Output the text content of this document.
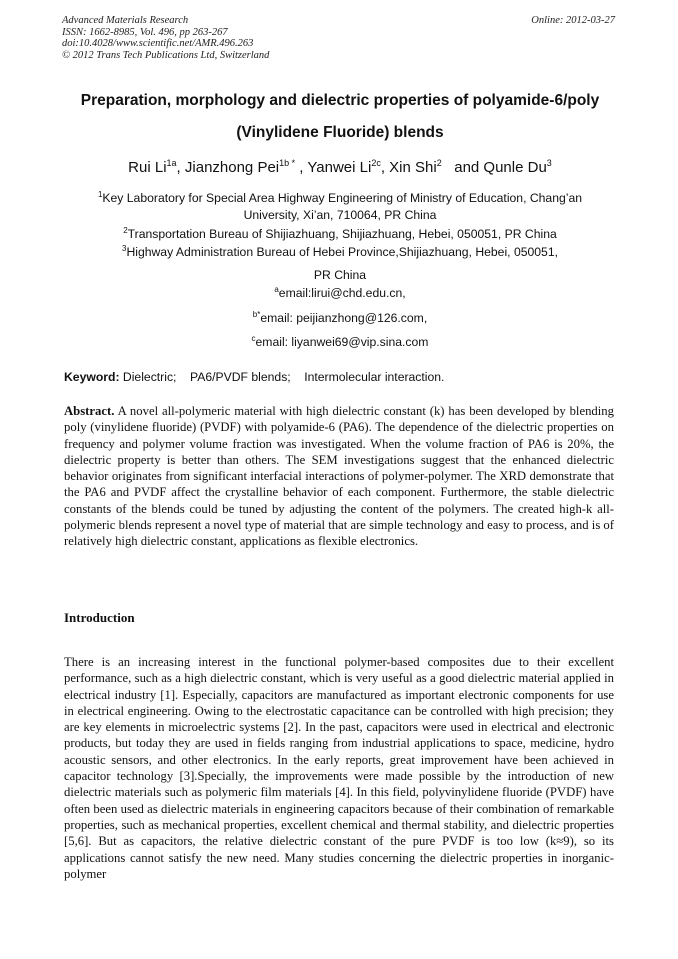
Advanced Materials Research
ISSN: 1662-8985, Vol. 496, pp 263-267
doi:10.4028/www.scientific.net/AMR.496.263
© 2012 Trans Tech Publications Ltd, Switzerland
Online: 2012-03-27
Preparation, morphology and dielectric properties of polyamide-6/poly
(Vinylidene Fluoride) blends
Rui $Li^{1a}$, Jianzhong Pei$^{1b *}$ , Yanwei $Li^{2c}$, Xin Shi$^2$   and Qunle Du$^3$
$^1$Key Laboratory for Special Area Highway Engineering of Ministry of Education, Chang’an
University, Xi’an, 710064, PR China
$^2$Transportation Bureau of Shijiazhuang, Shijiazhuang, Hebei, 050051, PR China
$^3$Highway Administration Bureau of Hebei Province,Shijiazhuang, Hebei, 050051,
PR China
$^a$email:lirui@chd.edu.cn,
$^{b*}$email: peijianzhong@126.com,
$^c$email: liyanwei69@vip.sina.com
Keyword: Dielectric;    PA6/PVDF blends;    Intermolecular interaction.
Abstract. A novel all-polymeric material with high dielectric constant (k) has been developed by blending poly (vinylidene fluoride) (PVDF) with polyamide-6 (PA6). The dependence of the dielectric properties on frequency and polymer volume fraction was investigated. When the volume fraction of PA6 is 20%, the dielectric property is better than others. The SEM investigations suggest that the enhanced dielectric behavior originates from significant interfacial interactions of polymer-polymer. The XRD demonstrate that the PA6 and PVDF affect the crystalline behavior of each component. Furthermore, the stable dielectric constants of the blends could be tuned by adjusting the content of the polymers. The created high-k all-polymeric blends represent a novel type of material that are simple technology and easy to process, and is of relatively high dielectric constant, applications as flexible electronics.
Introduction
There is an increasing interest in the functional polymer-based composites due to their excellent performance, such as a high dielectric constant, which is very useful as a good dielectric material applied in electrical industry [1]. Especially, capacitors are manufactured as important electronic components for use in electrical engineering. Owing to the electrostatic capacitance can be controlled with high precision; they are key elements in microelectric systems [2]. In the past, capacitors were used in electrical and electronic products, but today they are used in fields ranging from industrial applications to space, medicine, hydro acoustic sensors, and other electronics. In the early reports, great improvement have been achieved in capacitor technology [3].Specially, the improvements were made possible by the introduction of new dielectric materials such as polymeric film materials [4]. In this field, polyvinylidene fluoride (PVDF) have often been used as dielectric materials in engineering capacitors because of their combination of remarkable properties, such as mechanical properties, excellent chemical and thermal stability, and dielectric properties [5,6]. But as capacitors, the relative dielectric constant of the pure PVDF is too low (k≈9), so its applications cannot satisfy the new need. Many studies concerning the dielectric properties in inorganic-polymer
